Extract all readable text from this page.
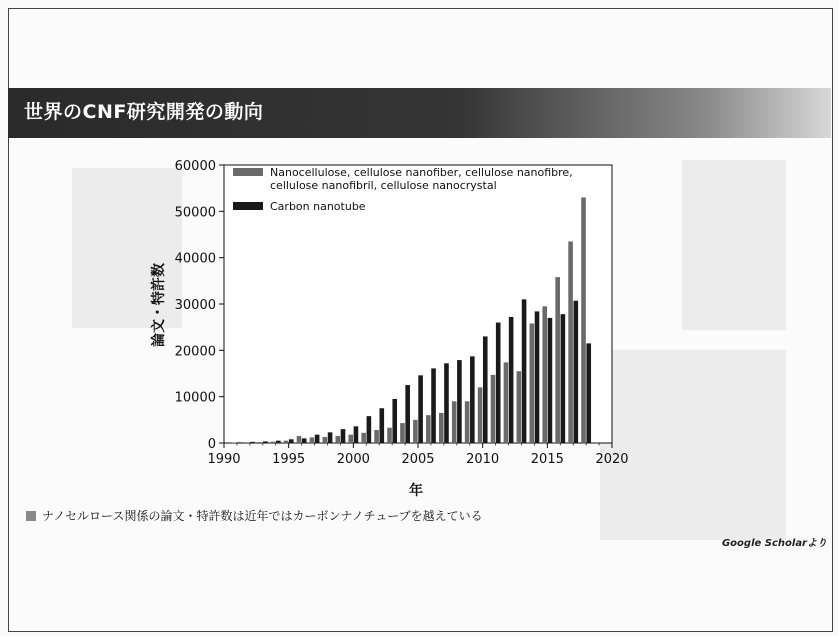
世界のCNF研究開発の動向
1990 1995 2000 2005 2010 2015 2020
0
10000
20000
30000
40000
50000
60000	Nanocellulose, cellulose nanofiber, cellulose nanofibre,
cellulose nanofibril, cellulose nanocrystal
Carbon nanotube
年
論文・特許数
ナノセルロース関係の論文・特許数は近年ではカーボンナノチューブを越えている
Google Scholarより
